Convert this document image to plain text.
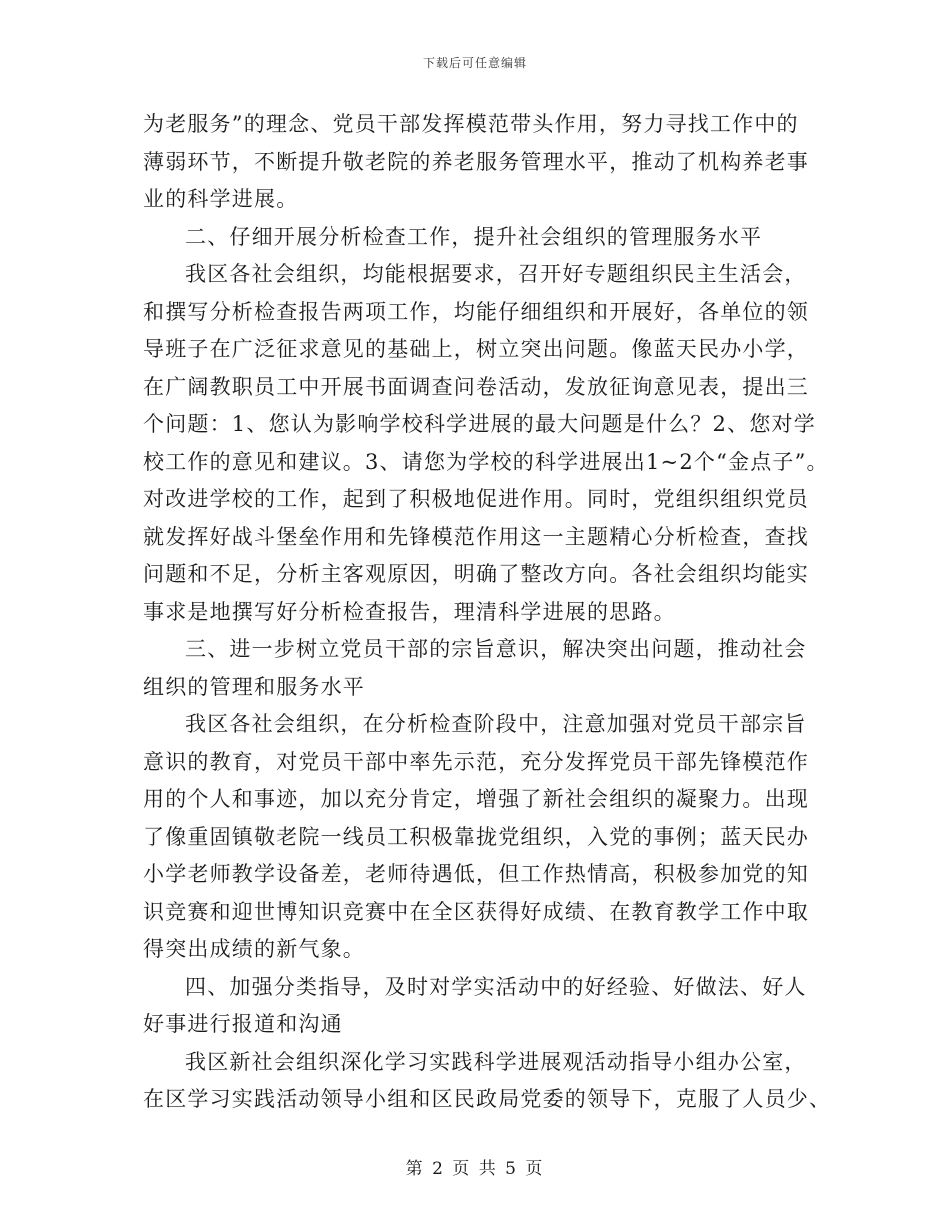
下载后可任意编辑
为老服务”的理念、党员干部发挥模范带头作用，努力寻找工作中的
薄弱环节，不断提升敬老院的养老服务管理水平，推动了机构养老事
业的科学进展。
二、仔细开展分析检查工作，提升社会组织的管理服务水平
我区各社会组织，均能根据要求，召开好专题组织民主生活会，
和撰写分析检查报告两项工作，均能仔细组织和开展好，各单位的领
导班子在广泛征求意见的基础上，树立突出问题。像蓝天民办小学，
在广阔教职员工中开展书面调查问卷活动，发放征询意见表，提出三
个问题：1、您认为影响学校科学进展的最大问题是什么？2、您对学
校工作的意见和建议。3、请您为学校的科学进展出1~2个“金点子”。
对改进学校的工作，起到了积极地促进作用。同时，党组织组织党员
就发挥好战斗堡垒作用和先锋模范作用这一主题精心分析检查，查找
问题和不足，分析主客观原因，明确了整改方向。各社会组织均能实
事求是地撰写好分析检查报告，理清科学进展的思路。
三、进一步树立党员干部的宗旨意识，解决突出问题，推动社会
组织的管理和服务水平
我区各社会组织，在分析检查阶段中，注意加强对党员干部宗旨
意识的教育，对党员干部中率先示范，充分发挥党员干部先锋模范作
用的个人和事迹，加以充分肯定，增强了新社会组织的凝聚力。出现
了像重固镇敬老院一线员工积极靠拢党组织，入党的事例；蓝天民办
小学老师教学设备差，老师待遇低，但工作热情高，积极参加党的知
识竞赛和迎世博知识竞赛中在全区获得好成绩、在教育教学工作中取
得突出成绩的新气象。
四、加强分类指导，及时对学实活动中的好经验、好做法、好人
好事进行报道和沟通
我区新社会组织深化学习实践科学进展观活动指导小组办公室，
在区学习实践活动领导小组和区民政局党委的领导下，克服了人员少、
第 2 页 共 5 页
